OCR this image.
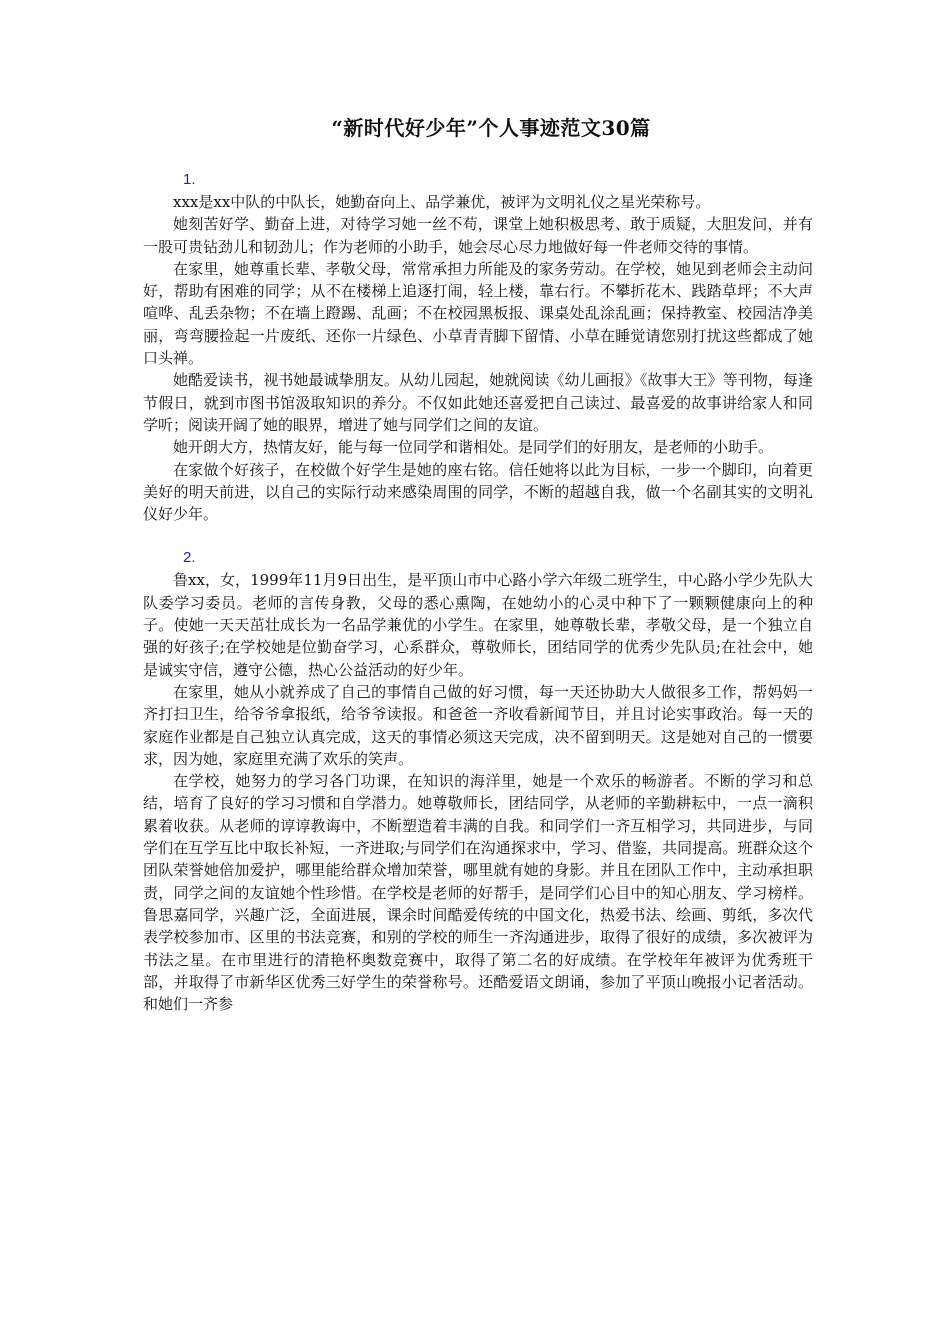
“新时代好少年”个人事迹范文30篇
1.

xxx是xx中队的中队长，她勤奋向上、品学兼优，被评为文明礼仪之星光荣称号。

她刻苦好学、勤奋上进，对待学习她一丝不苟，课堂上她积极思考、敢于质疑，大胆发问，并有一股可贵钻劲儿和韧劲儿；作为老师的小助手，她会尽心尽力地做好每一件老师交待的事情。

在家里，她尊重长辈、孝敬父母，常常承担力所能及的家务劳动。在学校，她见到老师会主动问好，帮助有困难的同学；从不在楼梯上追逐打闹，轻上楼，靠右行。不攀折花木、践踏草坪；不大声喧哗、乱丢杂物；不在墙上蹬踢、乱画；不在校园黑板报、课桌处乱涂乱画；保持教室、校园洁净美丽，弯弯腰捡起一片废纸、还你一片绿色、小草青青脚下留情、小草在睡觉请您别打扰这些都成了她口头禅。

她酷爱读书，视书她最诚挚朋友。从幼儿园起，她就阅读《幼儿画报》《故事大王》等刊物，每逢节假日，就到市图书馆汲取知识的养分。不仅如此她还喜爱把自己读过、最喜爱的故事讲给家人和同学听；阅读开阔了她的眼界，增进了她与同学们之间的友谊。

她开朗大方，热情友好，能与每一位同学和谐相处。是同学们的好朋友，是老师的小助手。

在家做个好孩子，在校做个好学生是她的座右铭。信任她将以此为目标，一步一个脚印，向着更美好的明天前进，以自己的实际行动来感染周围的同学，不断的超越自我，做一个名副其实的文明礼仪好少年。

2.

鲁xx，女，1999年11月9日出生，是平顶山市中心路小学六年级二班学生，中心路小学少先队大队委学习委员。老师的言传身教，父母的悉心熏陶，在她幼小的心灵中种下了一颗颗健康向上的种子。使她一天天茁壮成长为一名品学兼优的小学生。在家里，她尊敬长辈，孝敬父母，是一个独立自强的好孩子;在学校她是位勤奋学习，心系群众，尊敬师长，团结同学的优秀少先队员;在社会中，她是诚实守信，遵守公德，热心公益活动的好少年。

在家里，她从小就养成了自己的事情自己做的好习惯，每一天还协助大人做很多工作，帮妈妈一齐打扫卫生，给爷爷拿报纸，给爷爷读报。和爸爸一齐收看新闻节目，并且讨论实事政治。每一天的家庭作业都是自己独立认真完成，这天的事情必须这天完成，决不留到明天。这是她对自己的一惯要求，因为她，家庭里充满了欢乐的笑声。

在学校，她努力的学习各门功课，在知识的海洋里，她是一个欢乐的畅游者。不断的学习和总结，培育了良好的学习习惯和自学潜力。她尊敬师长，团结同学，从老师的辛勤耕耘中，一点一滴积累着收获。从老师的谆谆教诲中，不断塑造着丰满的自我。和同学们一齐互相学习，共同进步，与同学们在互学互比中取长补短，一齐进取;与同学们在沟通探求中，学习、借鉴，共同提高。班群众这个团队荣誉她倍加爱护，哪里能给群众增加荣誉，哪里就有她的身影。并且在团队工作中，主动承担职责，同学之间的友谊她个性珍惜。在学校是老师的好帮手，是同学们心目中的知心朋友、学习榜样。鲁思嘉同学，兴趣广泛，全面进展，课余时间酷爱传统的中国文化，热爱书法、绘画、剪纸，多次代表学校参加市、区里的书法竞赛，和别的学校的师生一齐沟通进步，取得了很好的成绩，多次被评为书法之星。在市里进行的清艳杯奥数竞赛中，取得了第二名的好成绩。在学校年年被评为优秀班干部，并取得了市新华区优秀三好学生的荣誉称号。还酷爱语文朗诵，参加了平顶山晚报小记者活动。和她们一齐参
